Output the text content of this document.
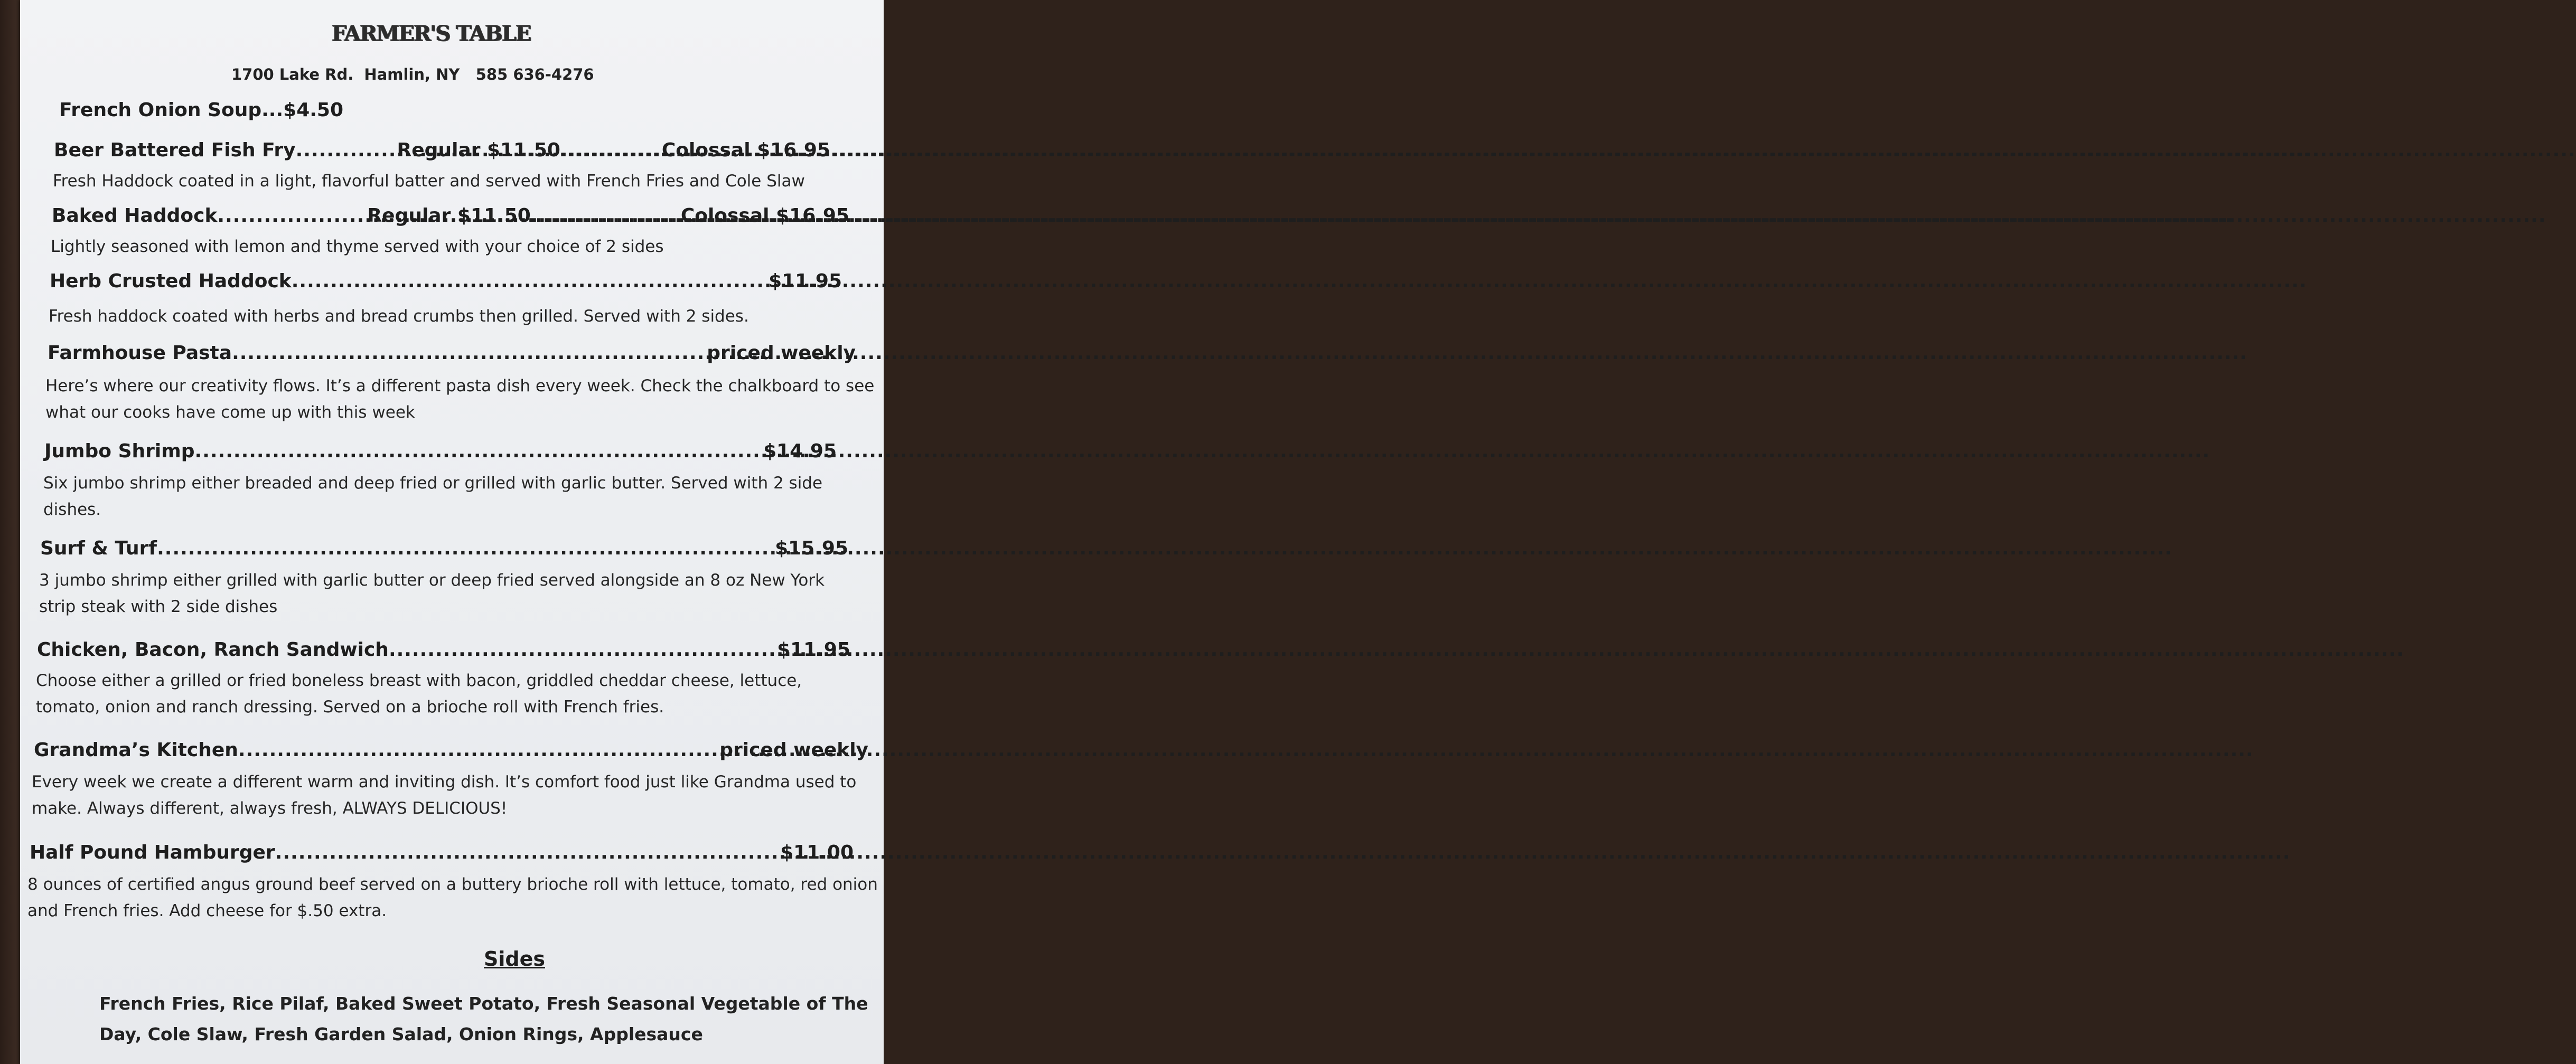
FARMER'S TABLE
1700 Lake Rd.  Hamlin, NY   585 636-4276
French Onion Soup...$4.50
Beer Battered Fish Fry .....	Regular $11.50 .....	Colossal $16.95
Fresh Haddock coated in a light, flavorful batter and served with French Fries and Cole Slaw
Baked Haddock .....	Regular $11.50 .....	Colossal $16.95
Lightly seasoned with lemon and thyme served with your choice of 2 sides
Herb Crusted Haddock .....	$11.95
Fresh haddock coated with herbs and bread crumbs then grilled. Served with 2 sides.
Farmhouse Pasta .....	priced weekly
Here’s where our creativity flows. It’s a different pasta dish every week. Check the chalkboard to see what our cooks have come up with this week
Jumbo Shrimp .....	$14.95
Six jumbo shrimp either breaded and deep fried or grilled with garlic butter. Served with 2 side dishes.
Surf & Turf .....	$15.95
3 jumbo shrimp either grilled with garlic butter or deep fried served alongside an 8 oz New York strip steak with 2 side dishes
Chicken, Bacon, Ranch Sandwich .....	$11.95
Choose either a grilled or fried boneless breast with bacon, griddled cheddar cheese, lettuce, tomato, onion and ranch dressing. Served on a brioche roll with French fries.
Grandma’s Kitchen .....	priced weekly
Every week we create a different warm and inviting dish. It’s comfort food just like Grandma used to make. Always different, always fresh, ALWAYS DELICIOUS!
Half Pound Hamburger .....	$11.00
8 ounces of certified angus ground beef served on a buttery brioche roll with lettuce, tomato, red onion and French fries. Add cheese for $.50 extra.
Sides
French Fries, Rice Pilaf, Baked Sweet Potato, Fresh Seasonal Vegetable of The Day, Cole Slaw, Fresh Garden Salad, Onion Rings, Applesauce
